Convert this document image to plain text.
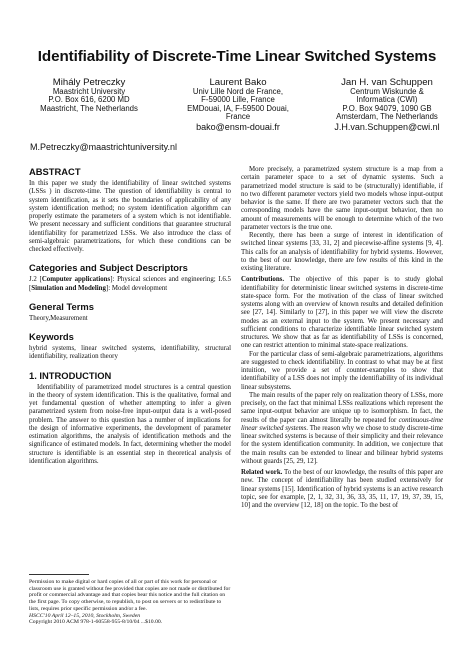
Identifiability of Discrete-Time Linear Switched Systems
Mihály Petreczky
Maastricht University
P.O. Box 616, 6200 MD
Maastricht, The Netherlands
Laurent Bako
Univ Lille Nord de France,
F-59000 Lille, France
EMDouai, IA, F-59500 Douai,
France
bako@ensm-douai.fr
Jan H. van Schuppen
Centrum Wiskunde &
Informatica (CWI)
P.O. Box 94079, 1090 GB
Amsterdam, The Netherlands
J.H.van.Schuppen@cwi.nl
M.Petreczky@maastrichtuniversity.nl
ABSTRACT

In this paper we study the identifiability of linear switched systems (LSSs ) in discrete-time. The question of identifiability is central to system identification, as it sets the boundaries of applicability of any system identification method; no system identification algorithm can properly estimate the parameters of a system which is not identifiable. We present necessary and sufficient conditions that guarantee structural identifiability for parametrized LSSs. We also introduce the class of semi-algebraic parametrizations, for which these conditions can be checked effectively.

Categories and Subject Descriptors

J.2 [Computer applications]: Physical sciences and engineering; I.6.5 [Simulation and Modeling]: Model development

General Terms

Theory,Measurement

Keywords

hybrid systems, linear switched systems, identifiability, structural identifiability, realization theory

1. INTRODUCTION

Identifiability of parametrized model structures is a central question in the theory of system identification. This is the qualitative, formal and yet fundamental question of whether attempting to infer a given parametrized system from noise-free input-output data is a well-posed problem. The answer to this question has a number of implications for the design of informative experiments, the development of parameter estimation algorithms, the analysis of identification methods and the significance of estimated models. In fact, determining whether the model structure is identifiable is an essential step in theoretical analysis of identification algorithms.

Permission to make digital or hard copies of all or part of this work for personal or classroom use is granted without fee provided that copies are not made or distributed for profit or commercial advantage and that copies bear this notice and the full citation on the first page. To copy otherwise, to republish, to post on servers or to redistribute to lists, requires prior specific permission and/or a fee.

HSCC'10 April 12–15, 2010, Stockholm, Sweden

Copyright 2010 ACM 978-1-60558-955-8/10/04 ...$10.00.

More precisely, a parametrized system structure is a map from a certain parameter space to a set of dynamic systems. Such a parametrized model structure is said to be (structurally) identifiable, if no two different parameter vectors yield two models whose input-output behavior is the same. If there are two parameter vectors such that the corresponding models have the same input-output behavior, then no amount of measurements will be enough to determine which of the two parameter vectors is the true one.

Recently, there has been a surge of interest in identification of switched linear systems [33, 31, 2] and piecewise-affine systems [9, 4]. This calls for an analysis of identifiability for hybrid systems. However, to the best of our knowledge, there are few results of this kind in the existing literature.

Contributions. The objective of this paper is to study global identifiability for deterministic linear switched systems in discrete-time state-space form. For the motivation of the class of linear switched systems along with an overview of known results and detailed definition see [27, 14]. Similarly to [27], in this paper we will view the discrete modes as an external input to the system. We present necessary and sufficient conditions to characterize identifiable linear switched system structures. We show that as far as identifiability of LSSs is concerned, one can restrict attention to minimal state-space realizations.

For the particular class of semi-algebraic parametrizations, algorithms are suggested to check identifiability. In contrast to what may be at first intuition, we provide a set of counter-examples to show that identifiability of a LSS does not imply the identifiability of its individual linear subsystems.

The main results of the paper rely on realization theory of LSSs, more precisely, on the fact that minimal LSSs realizations which represent the same input-output behavior are unique up to isomorphism. In fact, the results of the paper can almost literally be repeated for continuous-time linear switched systems. The reason why we chose to study discrete-time linear switched systems is because of their simplicity and their relevance for the system identification community. In addition, we conjecture that the main results can be extended to linear and bilinear hybrid systems without guards [25, 29, 12].

Related work. To the best of our knowledge, the results of this paper are new. The concept of identifiability has been studied extensively for linear systems [15]. Identification of hybrid systems is an active research topic, see for example, [2, 1, 32, 31, 36, 33, 35, 11, 17, 19, 37, 39, 15, 10] and the overview [12, 18] on the topic. To the best of
